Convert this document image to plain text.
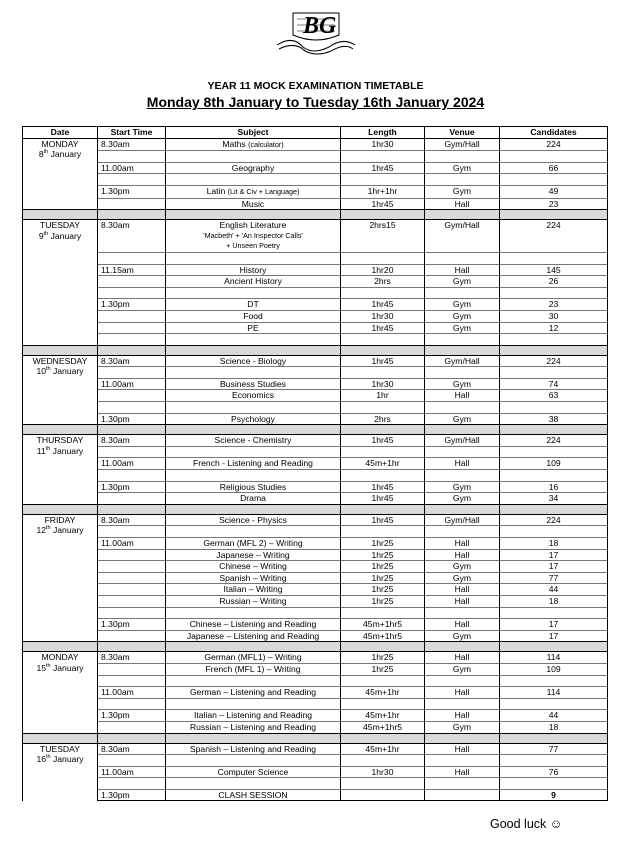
BG
YEAR 11 MOCK EXAMINATION TIMETABLE
Monday 8th January to Tuesday 16th January 2024
Date	Start Time	Subject	Length	Venue	Candidates

MONDAY
8th January	8.30am	Maths (calculator)	1hr30	Gym/Hall	224

	11.00am	Geography	1hr45	Gym	66

	1.30pm	Latin (Lit & Civ + Language)	1hr+1hr	Gym	49
		Music	1hr45	Hall	23

TUESDAY
9th January	8.30am	English Literature
'Macbeth' + 'An Inspector Calls'
+ Unseen Poetry	2hrs15	Gym/Hall	224

	11.15am	History	1hr20	Hall	145
		Ancient History	2hrs	Gym	26

	1.30pm	DT	1hr45	Gym	23
		Food	1hr30	Gym	30
		PE	1hr45	Gym	12

WEDNESDAY
10th January	8.30am	Science - Biology	1hr45	Gym/Hall	224

	11.00am	Business Studies	1hr30	Gym	74
		Economics	1hr	Hall	63

	1.30pm	Psychology	2hrs	Gym	38

THURSDAY
11th January	8.30am	Science - Chemistry	1hr45	Gym/Hall	224

	11.00am	French - Listening and Reading	45m+1hr	Hall	109

	1.30pm	Religious Studies	1hr45	Gym	16
		Drama	1hr45	Gym	34

FRIDAY
12th January	8.30am	Science - Physics	1hr45	Gym/Hall	224

	11.00am	German (MFL 2) – Writing	1hr25	Hall	18
		Japanese – Writing	1hr25	Hall	17
		Chinese – Writing	1hr25	Gym	17
		Spanish – Writing	1hr25	Gym	77
		Italian – Writing	1hr25	Hall	44
		Russian – Writing	1hr25	Hall	18

	1.30pm	Chinese – Listening and Reading	45m+1hr5	Hall	17
		Japanese – Listening and Reading	45m+1hr5	Gym	17

MONDAY
15th January	8.30am	German (MFL1) – Writing	1hr25	Hall	114
		French (MFL 1) – Writing	1hr25	Gym	109

	11.00am	German – Listening and Reading	45m+1hr	Hall	114

	1.30pm	Italian – Listening and Reading	45m+1hr	Hall	44
		Russian – Listening and Reading	45m+1hr5	Gym	18

TUESDAY
16th January	8.30am	Spanish – Listening and Reading	45m+1hr	Hall	77

	11.00am	Computer Science	1hr30	Hall	76

	1.30pm	CLASH SESSION			9
Good luck ☺
